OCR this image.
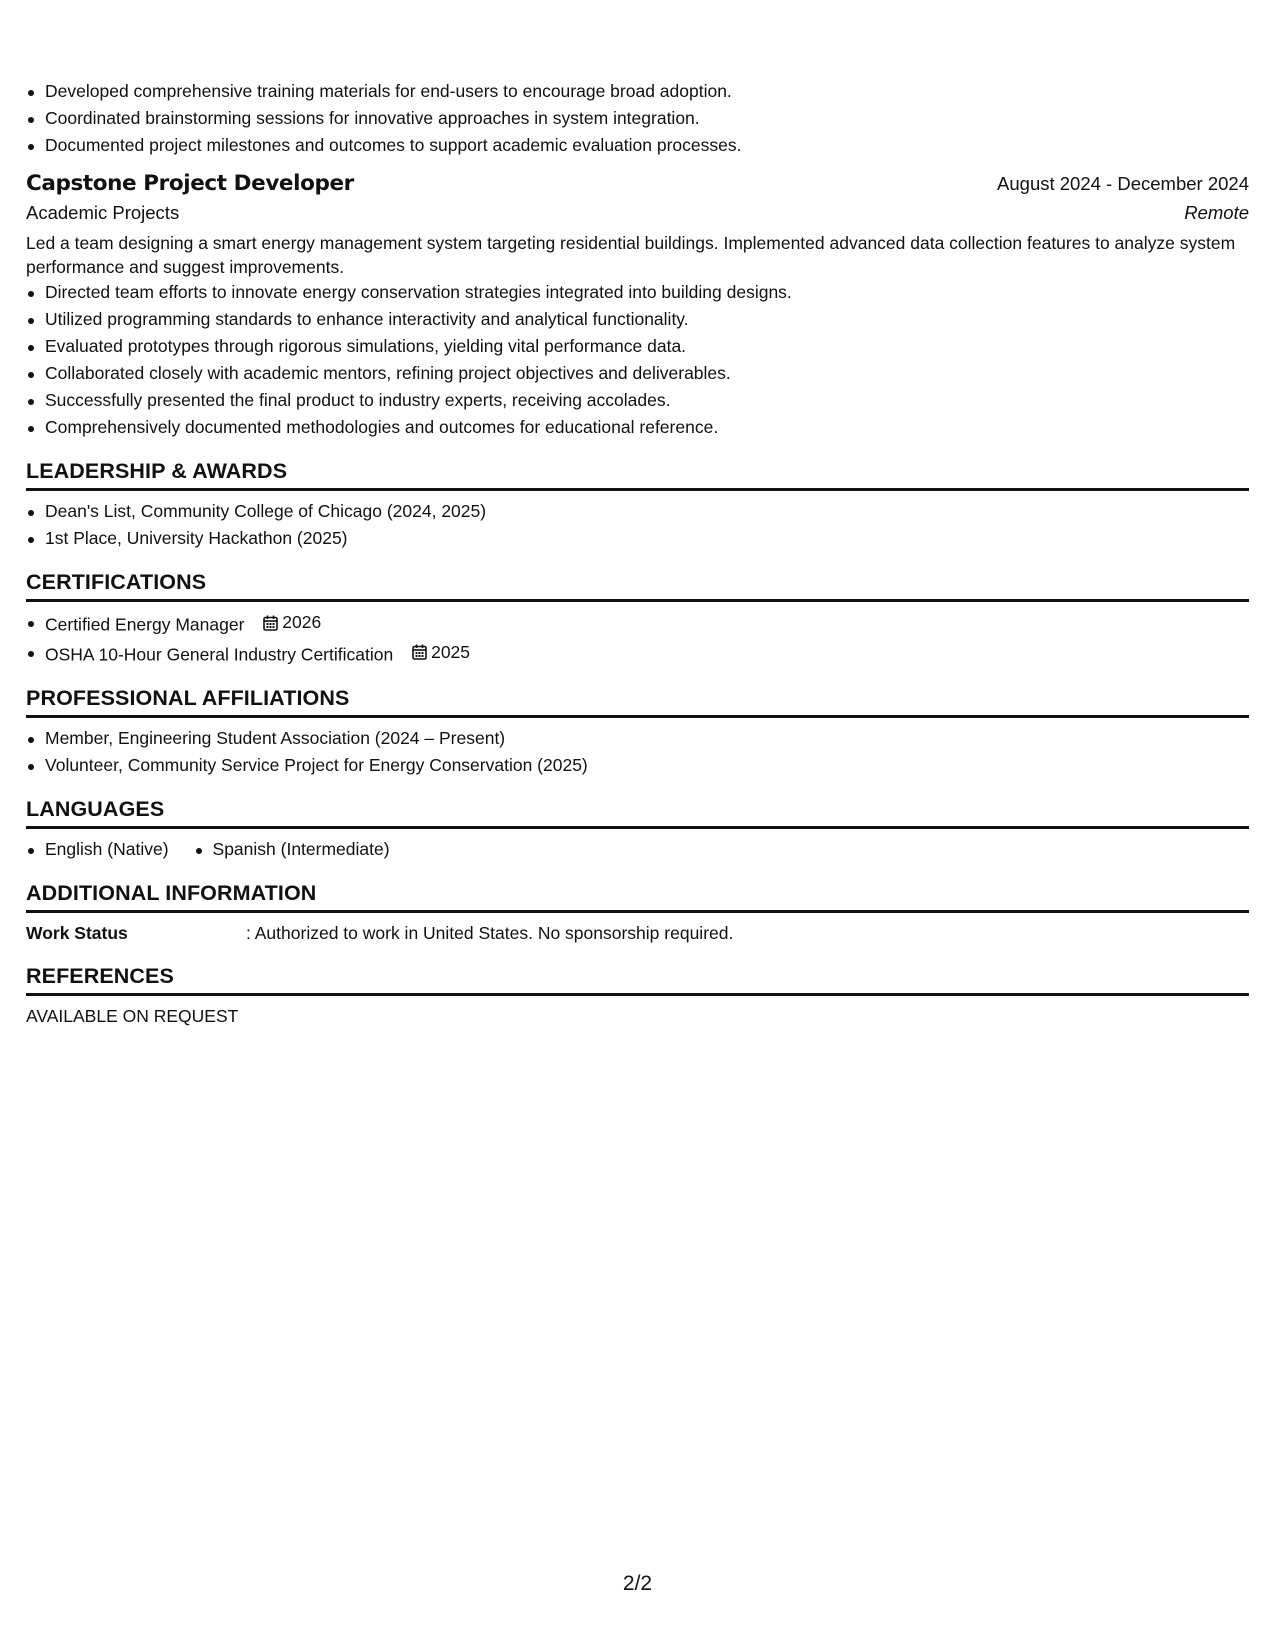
Developed comprehensive training materials for end-users to encourage broad adoption.
Coordinated brainstorming sessions for innovative approaches in system integration.
Documented project milestones and outcomes to support academic evaluation processes.
Capstone Project Developer	August 2024 - December 2024
Academic Projects	Remote
Led a team designing a smart energy management system targeting residential buildings. Implemented advanced data collection features to analyze system performance and suggest improvements.
Directed team efforts to innovate energy conservation strategies integrated into building designs.
Utilized programming standards to enhance interactivity and analytical functionality.
Evaluated prototypes through rigorous simulations, yielding vital performance data.
Collaborated closely with academic mentors, refining project objectives and deliverables.
Successfully presented the final product to industry experts, receiving accolades.
Comprehensively documented methodologies and outcomes for educational reference.
LEADERSHIP & AWARDS
Dean's List, Community College of Chicago (2024, 2025)
1st Place, University Hackathon (2025)
CERTIFICATIONS
Certified Energy Manager 2026
OSHA 10-Hour General Industry Certification 2025
PROFESSIONAL AFFILIATIONS
Member, Engineering Student Association (2024 – Present)
Volunteer, Community Service Project for Energy Conservation (2025)
LANGUAGES
English (Native)	Spanish (Intermediate)
ADDITIONAL INFORMATION
Work Status	: Authorized to work in United States. No sponsorship required.
REFERENCES
AVAILABLE ON REQUEST
2/2
